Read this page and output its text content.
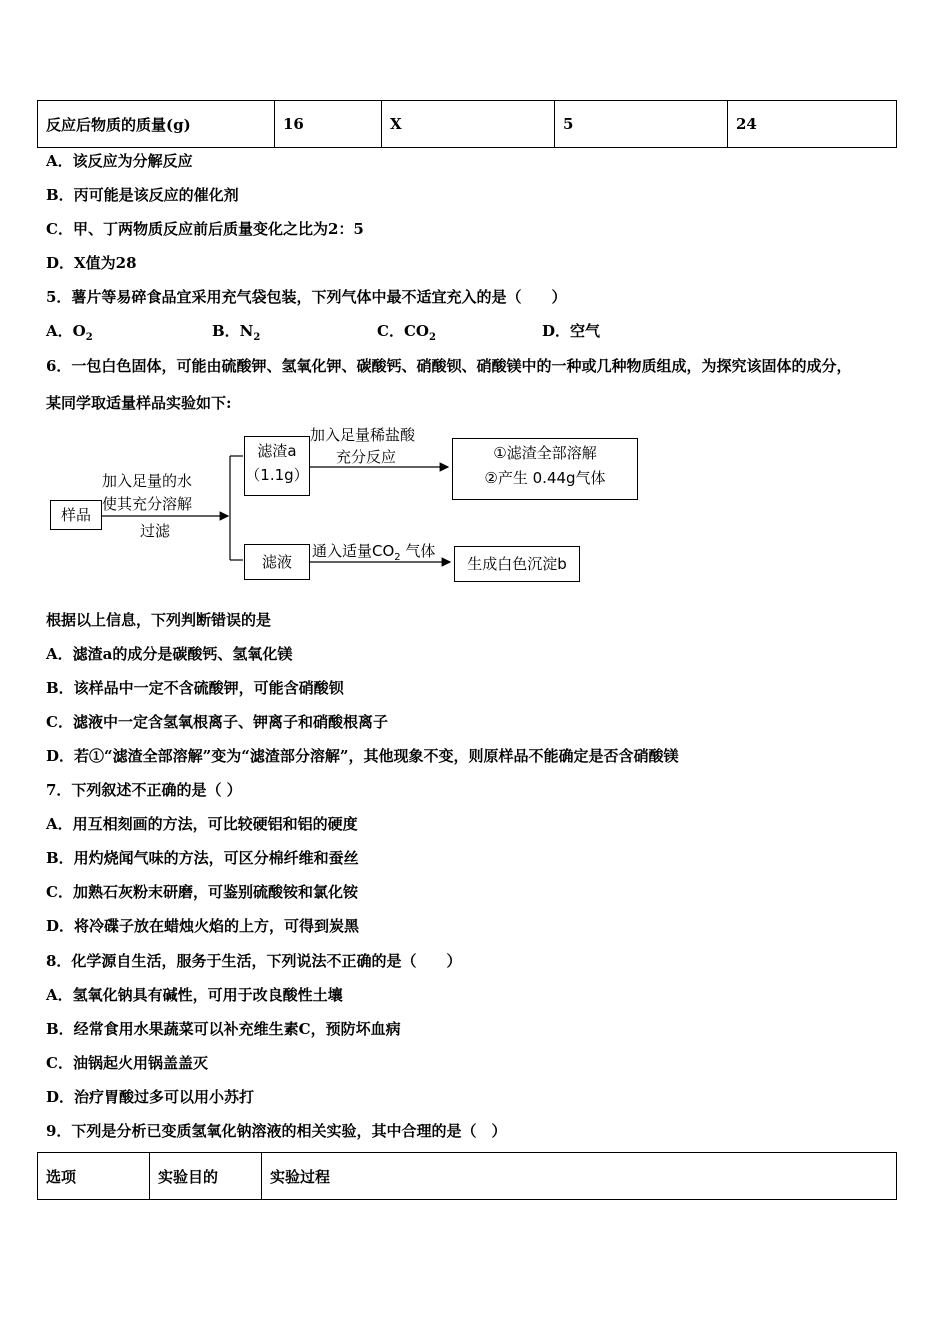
反应后物质的质量(g)	16	X	5	24
A．该反应为分解反应
B．丙可能是该反应的催化剂
C．甲、丁两物质反应前后质量变化之比为2：5
D．X值为28
5．薯片等易碎食品宜采用充气袋包装，下列气体中最不适宜充入的是（　　）
A．$O_2$	B．$N_2$	C．$CO_2$	D．空气
6．一包白色固体，可能由硫酸钾、氢氧化钾、碳酸钙、硝酸钡、硝酸镁中的一种或几种物质组成，为探究该固体的成分，
某同学取适量样品实验如下:
样品
加入足量的水
使其充分溶解
过滤
滤渣a
（1.1g）
加入足量稀盐酸
充分反应	①滤渣全部溶解
②产生 0.44g气体
滤液
通入适量$CO_2$ 气体
生成白色沉淀b
根据以上信息，下列判断错误的是
A．滤渣a的成分是碳酸钙、氢氧化镁
B．该样品中一定不含硫酸钾，可能含硝酸钡
C．滤液中一定含氢氧根离子、钾离子和硝酸根离子
D．若①“滤渣全部溶解”变为“滤渣部分溶解”，其他现象不变，则原样品不能确定是否含硝酸镁
7．下列叙述不正确的是（ ）
A．用互相刻画的方法，可比较硬铝和铝的硬度
B．用灼烧闻气味的方法，可区分棉纤维和蚕丝
C．加熟石灰粉末研磨，可鉴别硫酸铵和氯化铵
D．将冷碟子放在蜡烛火焰的上方，可得到炭黑
8．化学源自生活，服务于生活，下列说法不正确的是（　　）
A．氢氧化钠具有碱性，可用于改良酸性土壤
B．经常食用水果蔬菜可以补充维生素C，预防坏血病
C．油锅起火用锅盖盖灭
D．治疗胃酸过多可以用小苏打
9．下列是分析已变质氢氧化钠溶液的相关实验，其中合理的是（　）
选项	实验目的	实验过程
